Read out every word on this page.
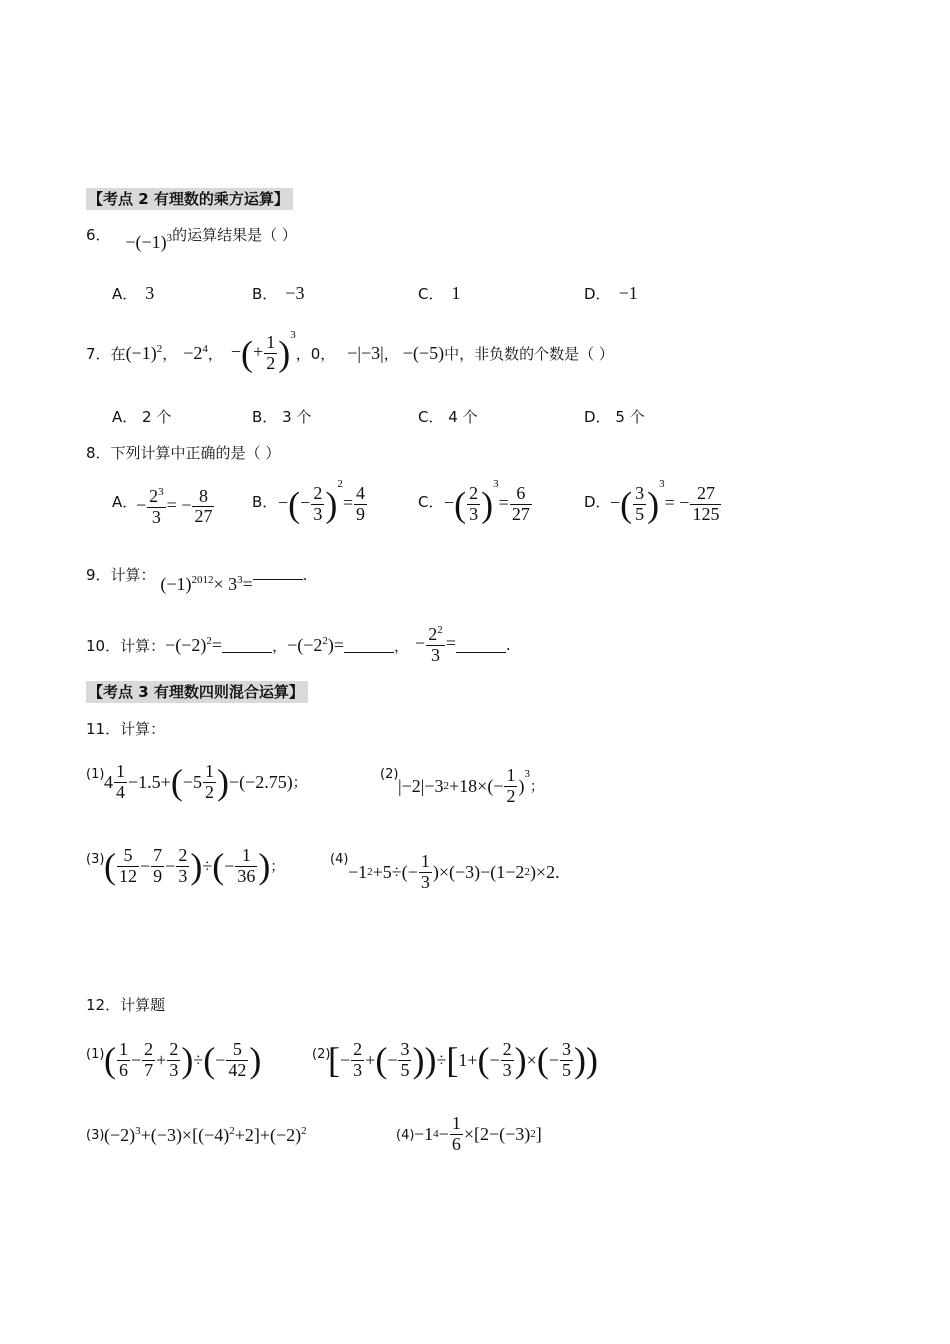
【考点 2 有理数的乘方运算】
6． $-(-1)^3$的运算结果是（ ）
A． 3	B． −3	C． 1	D． −1
7． 在 $(-1)^2$ ， $-2^4$ ， −(+ $\frac{1}{2} )^3$
，0， −|−3| ， −(−5) 中，非负数的个数是（ ）
A． 2 个	B． 3 个	C． 4 个	D． 5 个
8．下列计算中正确的是（ ）
A．
− $\frac{2^3}{3}$ = − $\frac{8}{27}$	B． −(− $\frac{2}{3} )^2= \frac{4}{9}$	C． −( $\frac{2}{3} )^3= \frac{6}{27}$	D． −( $\frac{3}{5} )^3= - \frac{27}{125}$
9．计算： $(-1)^{2012}\times 3^3=$	.
10． 计算： $-(-2)^2=$	， $-(-2^2)=$	， − $\frac{2^2}{3}$ =	.
【考点 3 有理数四则混合运算】
11．计算：
(1) $4 \frac{1}{4} -1.5+$ ( $-5 \frac{1}{2}$ ) −(−2.75) ；
(2)
|−2|−3 $2 +18\times(- \frac{1}{2}$ )
$^3$
；
(3) ( $\frac{5}{12} - \frac{7}{9} - \frac{2}{3}$ ) ÷ ( − $\frac{1}{36}$ ) ；
(4)
−1 $2 +5\div(- \frac{1}{3} )\times(-3)-(1-2$ 2 )×2 .
12．计算题
(1) ( $\frac{1}{6} - \frac{2}{7} + \frac{2}{3}$ ) ÷ ( − $\frac{5}{42}$ )	(2)
[ − $\frac{2}{3}$ + ( − $\frac{3}{5}$ )) ÷ [ 1+ ( − $\frac{2}{3}$ ) × ( − $\frac{3}{5}$ ))
(3) $(-2)^3+(-3)\times[(-4)^2+2]+(-2)^2$	(4) −1 $4 - \frac{1}{6} \times[2-(-3)$ 2 ]
